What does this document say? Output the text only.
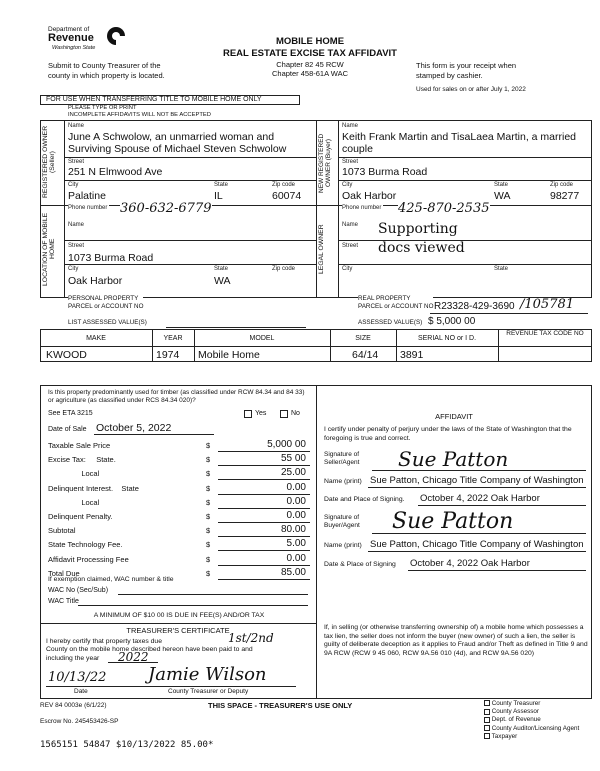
Department of
Revenue
Washington State
MOBILE HOME
REAL ESTATE EXCISE TAX AFFIDAVIT
Chapter 82 45 RCW
Chapter 458-61A WAC
Submit to County Treasurer of the
county in which property is located.
This form is your receipt when
stamped by cashier.
Used for sales on or after July 1, 2022
FOR USE WHEN TRANSFERRING TITLE TO MOBILE HOME ONLY
PLEASE TYPE OR PRINT
INCOMPLETE AFFIDAVITS WILL NOT BE ACCEPTED
REGISTERED OWNER (Seller)	NEW REGISTERED OWNER (Buyer)
LOCATION OF MOBILE HOME	LEGAL OWNER
Name
June A Schwolow, an unmarried woman and
Surviving Spouse of Michael Steven Schwolow
Street
251 N Elmwood Ave
City	State	Zip code
Palatine	IL	60074
Phone number 360-632-6779
Name
Keith Frank Martin and TisaLaea Martin, a married
couple
Street
1073 Burma Road
City	State	Zip code
Oak Harbor	WA	98277
Phone number 425-870-2535
Name
Street
1073 Burma Road
City	State	Zip code
Oak Harbor	WA
Name Supporting
Street docs viewed
City	State
PERSONAL PROPERTY
PARCEL or ACCOUNT NO
LIST ASSESSED VALUE(S)
REAL PROPERTY
PARCEL or ACCOUNT NO R23328-429-3690 /105781
ASSESSED VALUE(S) $ 5,000 00
MAKE	YEAR	MODEL	SIZE	SERIAL NO or I D.
REVENUE TAX CODE NO
KWOOD	1974 Mobile Home	64/14 3891
Is this property predominantly used for timber (as classified under RCW 84.34 and 84 33) or agriculture (as classified under RCS 84.34 020)?
See ETA 3215	Yes	No
Date of Sale October 5, 2022
Taxable Sale Price	$	5,000 00
Excise Tax:     State.	$	55 00
Local	$	25.00
Delinquent Interest.    State	$	0.00
Local	$	0.00
Delinquent Penalty.	$	0.00
Subtotal	$	80.00
State Technology Fee.	$	5.00
Affidavit Processing Fee	$	0.00
Total Due	$	85.00
If exemption claimed, WAC number & title
WAC No (Sec/Sub)
WAC Title
A MINIMUM OF $10 00 IS DUE IN FEE(S) AND/OR TAX
TREASURER'S CERTIFICATE
I hereby certify that property taxes due	1st/2nd
County on the mobile home described hereon have been paid to and
including the year 2022
10/13/22 Jamie Wilson
Date	County Treasurer or Deputy
AFFIDAVIT
I certify under penalty of perjury under the laws of the State of Washington that the foregoing is true and correct.
Signature of Seller/Agent	Sue Patton
Name (print) Sue Patton, Chicago Title Company of Washington
Date and Place of Signing. October 4, 2022 Oak Harbor
Signature of Buyer/Agent	Sue Patton
Name (print) Sue Patton, Chicago Title Company of Washington
Date & Place of Signing October 4, 2022 Oak Harbor
If, in selling (or otherwise transferring ownership of) a mobile home which possesses a tax lien, the seller does not inform the buyer (new owner) of such a lien, the seller is guilty of deliberate deception as it applies to Fraud and/or Theft as defined in Title 9 and 9A RCW (RCW 9 45 060, RCW 9A.56 010 (4d), and RCW 9A.56 020)
REV 84 0003e (6/1/22)	THIS SPACE - TREASURER'S USE ONLY
Escrow No. 245453426-SP
1565151 54847 $10/13/2022 85.00*
County Treasurer
County Assessor
Dept. of Revenue
County Auditor/Licensing Agent
Taxpayer
